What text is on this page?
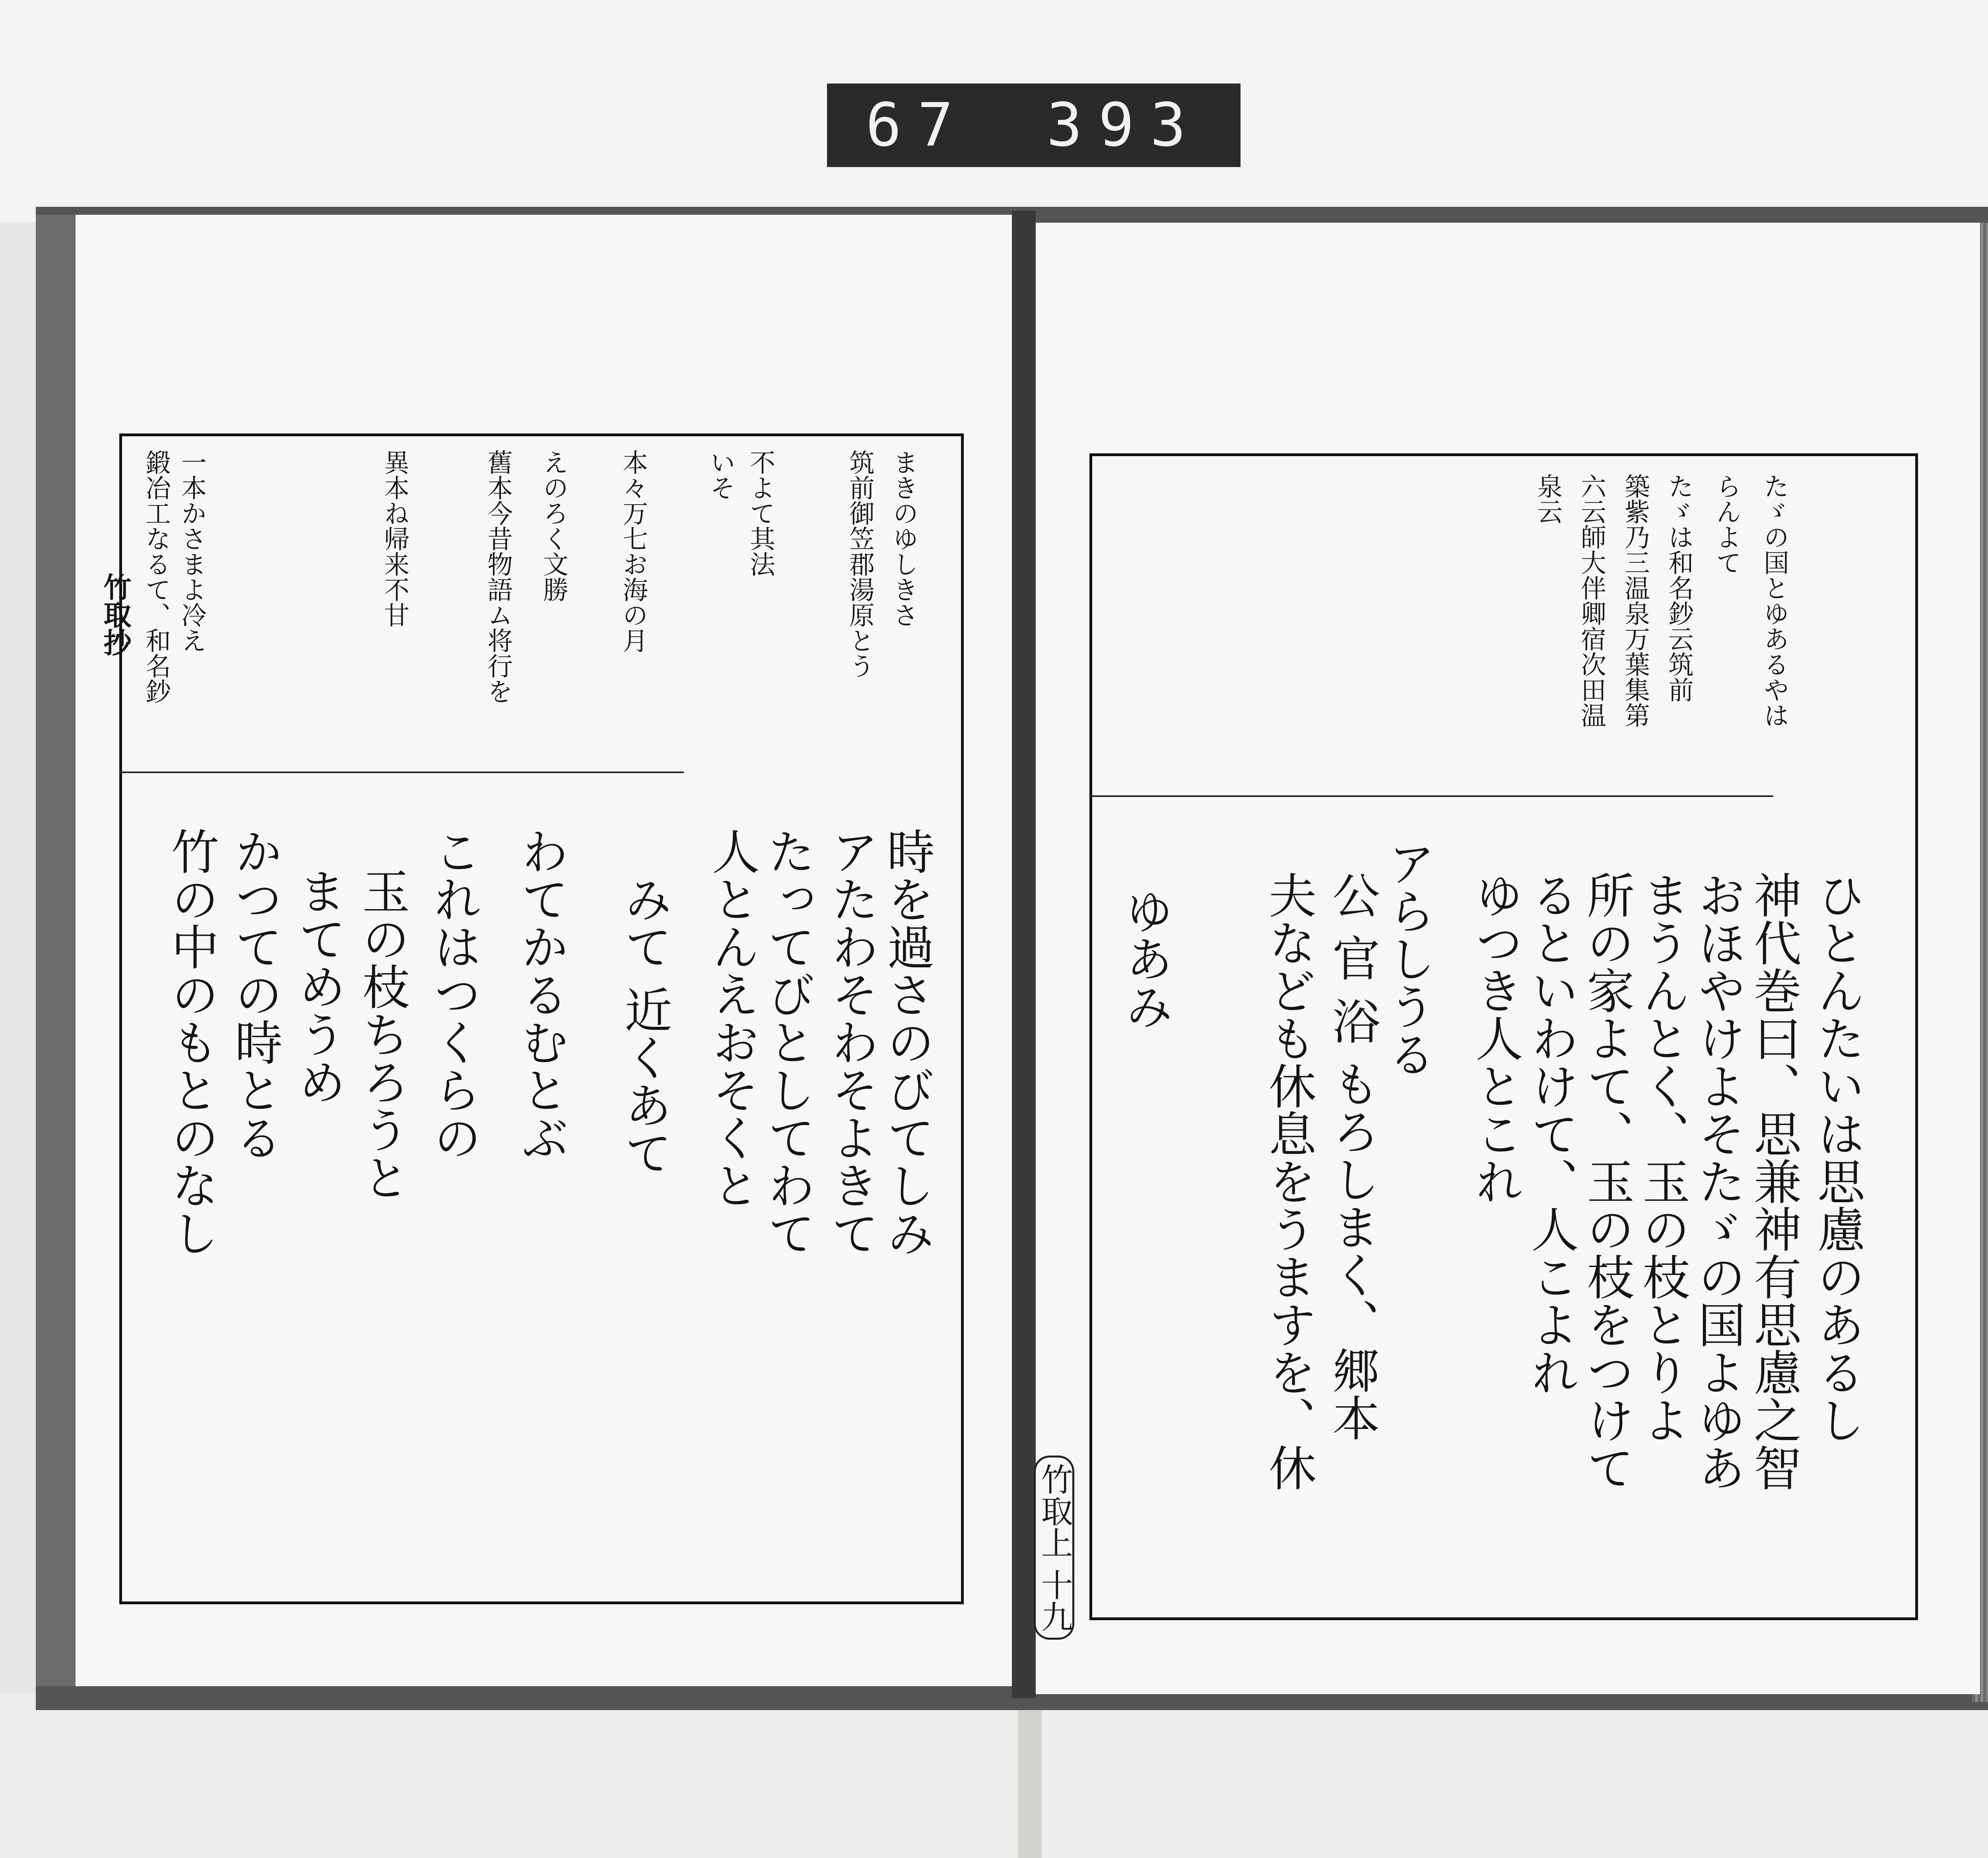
67 393
たゞの国とゆあるやは
らんよて
たゞは和名鈔云筑前
築紫乃三温泉万葉集第
六云師大伴卿宿次田温
泉云
ひとんたいは思慮のあるし
神代巻曰、思兼神有思慮之智
おほやけよそたゞの国よゆあ
まうんとく、玉の枝とりよ
所の家よて、玉の枝をつけて
るといわけて、人こよれ
ゆつき人とこれ
アらしうる
公 官 浴 もろしまく、郷本
夫なども休息をうますを、休
ゆあみ
竹取上 十九
竹取抄	まきのゆしきさ
筑前御笠郡湯原とう
不よて其法
いそ
本々万七お海の月
えのろく文勝
舊本今昔物語ム将行を
異本ね帰来不甘
一本かさまよ冷え
鍛冶工なるて、和名鈔
時を過さのびてしみ
アたわそわそよきて
たってびとしてわて
人とんえおそくと
みて 近くあて
わてかるむとぶ
これはつくらの
玉の枝ちろうと
まてめうめ
かつての時とる
竹の中のもとのなし
